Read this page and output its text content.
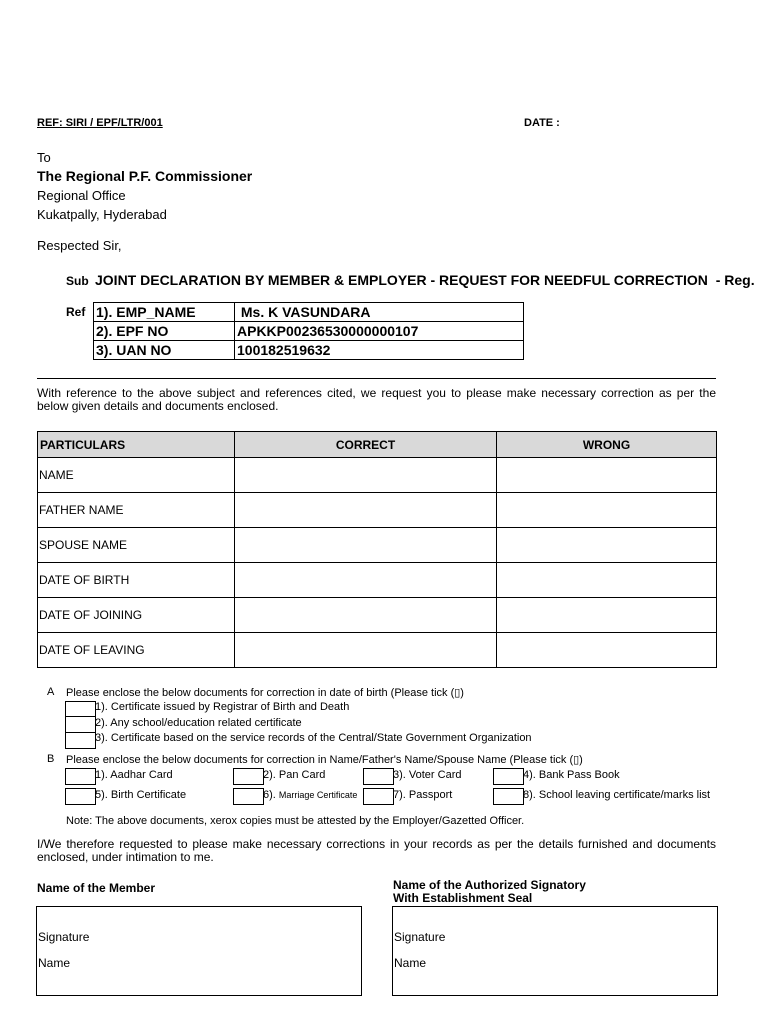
REF: SIRI / EPF/LTR/001	DATE :
To
The Regional P.F. Commissioner
Regional Office
Kukatpally, Hyderabad
Respected Sir,
Sub JOINT DECLARATION BY MEMBER & EMPLOYER - REQUEST FOR NEEDFUL CORRECTION  - Reg.
Ref 1). EMP_NAME	Ms. K VASUNDARA
2). EPF NO	APKKP00236530000000107
3). UAN NO	100182519632
With reference to the above subject and references cited, we request you to please make necessary correction as per the below given details and documents enclosed.
PARTICULARS	CORRECT	WRONG
NAME		
FATHER NAME		
SPOUSE NAME		
DATE OF BIRTH		
DATE OF JOINING		
DATE OF LEAVING		
A Please enclose the below documents for correction in date of birth (Please tick (▯)
1). Certificate issued by Registrar of Birth and Death
2). Any school/education related certificate
3). Certificate based on the service records of the Central/State Government Organization
B Please enclose the below documents for correction in Name/Father's Name/Spouse Name (Please tick (▯)
1). Aadhar Card	2). Pan Card	3). Voter Card	4). Bank Pass Book
5). Birth Certificate	6). Marriage Certificate	7). Passport	8). School leaving certificate/marks list
Note: The above documents, xerox copies must be attested by the Employer/Gazetted Officer.
I/We therefore requested to please make necessary corrections in your records as per the details furnished and documents enclosed, under intimation to me.
Name of the Member
Signature
Name
Name of the Authorized Signatory
With Establishment Seal
Signature
Name
